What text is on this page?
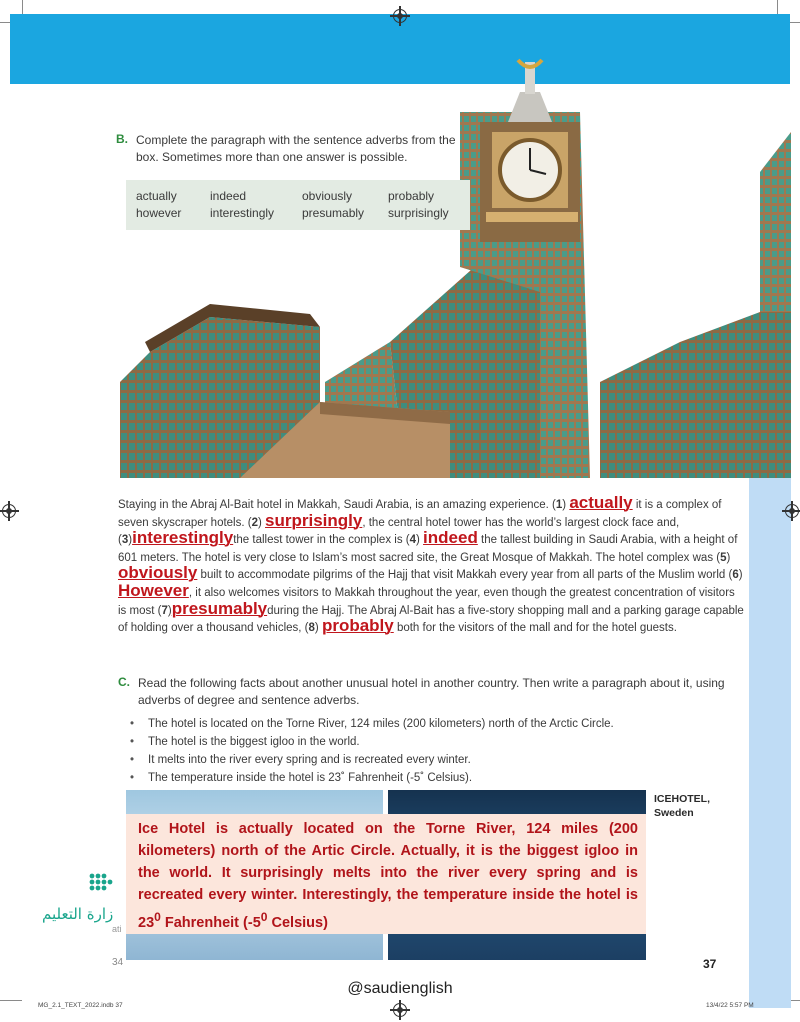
B. Complete the paragraph with the sentence adverbs from the box. Sometimes more than one answer is possible.
actually	indeed	obviously	probably
however interestingly presumably surprisingly
Staying in the Abraj Al-Bait hotel in Makkah, Saudi Arabia, is an amazing experience. (1) actually it is a complex of seven skyscraper hotels. (2) surprisingly, the central hotel tower has the world’s largest clock face and, (3)interestinglythe tallest tower in the complex is (4) indeed the tallest building in Saudi Arabia, with a height of 601 meters. The hotel is very close to Islam’s most sacred site, the Great Mosque of Makkah. The hotel complex was (5) obviously built to accommodate pilgrims of the Hajj that visit Makkah every year from all parts of the Muslim world (6) However, it also welcomes visitors to Makkah throughout the year, even though the greatest concentration of visitors is most (7)presumablyduring the Hajj. The Abraj Al-Bait has a five-story shopping mall and a parking garage capable of holding over a thousand vehicles, (8) probably both for the visitors of the mall and for the hotel guests.
C. Read the following facts about another unusual hotel in another country. Then write a paragraph about it, using adverbs of degree and sentence adverbs.
• The hotel is located on the Torne River, 124 miles (200 kilometers) north of the Arctic Circle.
• The hotel is the biggest igloo in the world.
• It melts into the river every spring and is recreated every winter.
• The temperature inside the hotel is 23˚ Fahrenheit (-5˚ Celsius).
ICEHOTEL,
Sweden
زارة التعليم
ati
Ice Hotel is actually located on the Torne River, 124 miles (200 kilometers) north of the Artic Circle. Actually, it is the biggest igloo in the world. It surprisingly melts into the river every spring and is recreated every winter. Interestingly, the temperature inside the hotel is $23^0$ Fahrenheit ($-5^0$ Celsius)
34	37
@saudienglish
MG_2.1_TEXT_2022.indb 37	13/4/22 5:57 PM
